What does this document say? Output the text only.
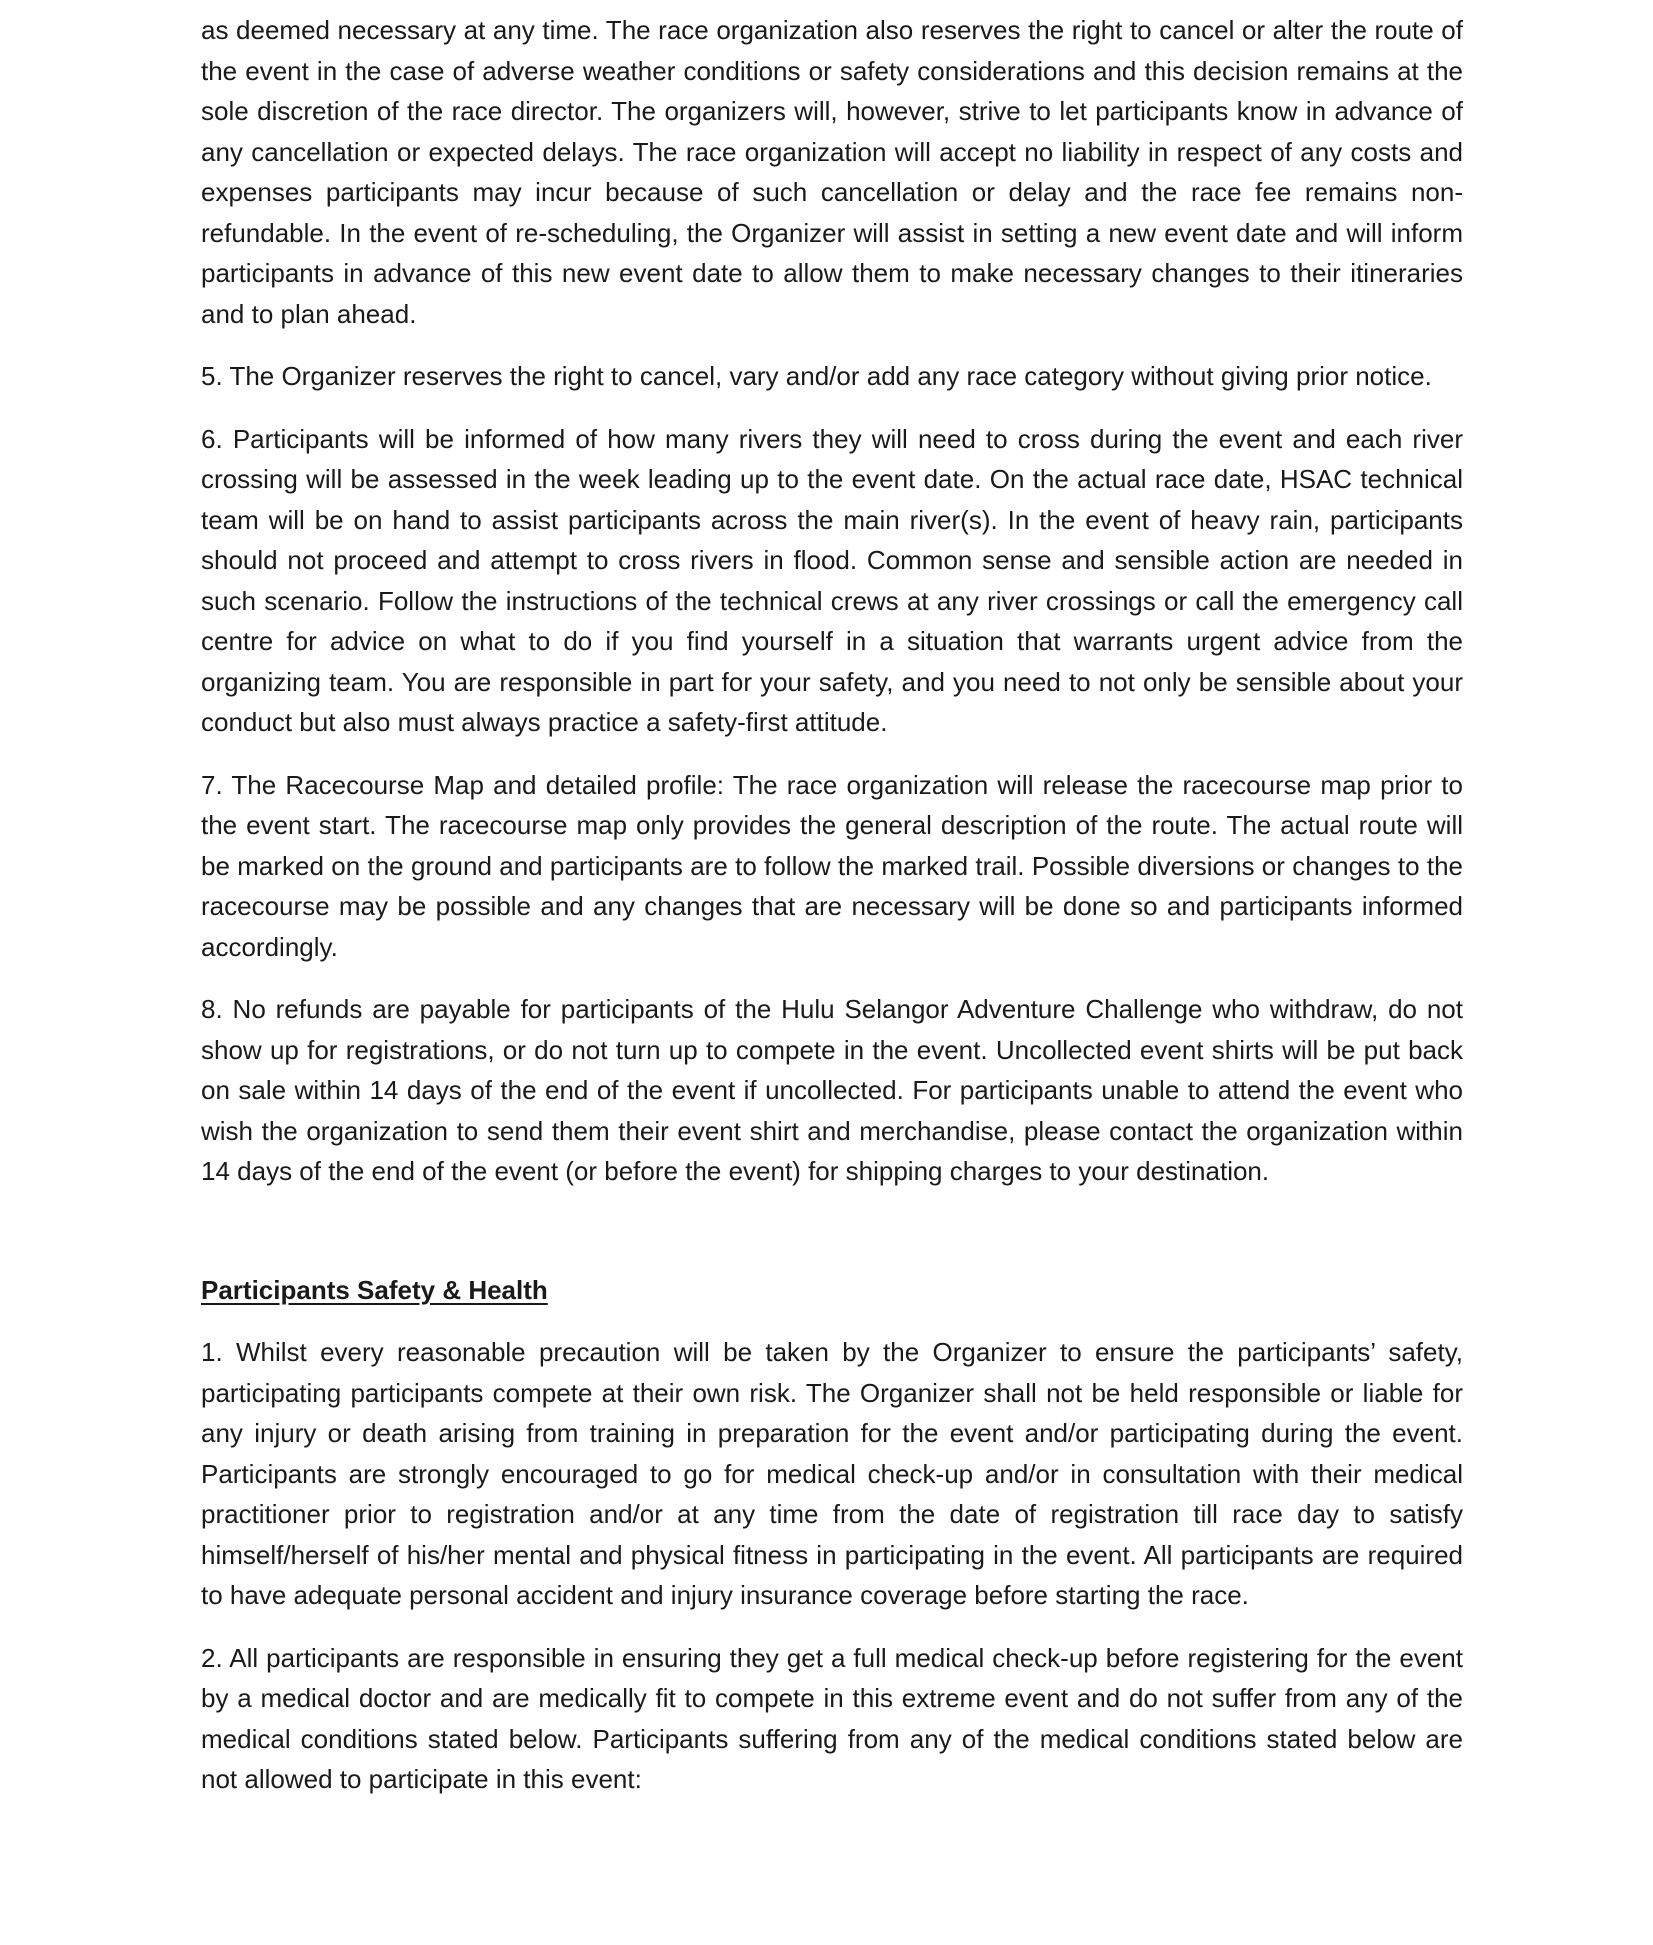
as deemed necessary at any time. The race organization also reserves the right to cancel or alter the route of the event in the case of adverse weather conditions or safety considerations and this decision remains at the sole discretion of the race director. The organizers will, however, strive to let participants know in advance of any cancellation or expected delays. The race organization will accept no liability in respect of any costs and expenses participants may incur because of such cancellation or delay and the race fee remains non-refundable. In the event of re-scheduling, the Organizer will assist in setting a new event date and will inform participants in advance of this new event date to allow them to make necessary changes to their itineraries and to plan ahead.

5. The Organizer reserves the right to cancel, vary and/or add any race category without giving prior notice.

6. Participants will be informed of how many rivers they will need to cross during the event and each river crossing will be assessed in the week leading up to the event date. On the actual race date, HSAC technical team will be on hand to assist participants across the main river(s). In the event of heavy rain, participants should not proceed and attempt to cross rivers in flood. Common sense and sensible action are needed in such scenario. Follow the instructions of the technical crews at any river crossings or call the emergency call centre for advice on what to do if you find yourself in a situation that warrants urgent advice from the organizing team. You are responsible in part for your safety, and you need to not only be sensible about your conduct but also must always practice a safety-first attitude.

7. The Racecourse Map and detailed profile: The race organization will release the racecourse map prior to the event start. The racecourse map only provides the general description of the route. The actual route will be marked on the ground and participants are to follow the marked trail. Possible diversions or changes to the racecourse may be possible and any changes that are necessary will be done so and participants informed accordingly.

8. No refunds are payable for participants of the Hulu Selangor Adventure Challenge who withdraw, do not show up for registrations, or do not turn up to compete in the event. Uncollected event shirts will be put back on sale within 14 days of the end of the event if uncollected. For participants unable to attend the event who wish the organization to send them their event shirt and merchandise, please contact the organization within 14 days of the end of the event (or before the event) for shipping charges to your destination.

Participants Safety & Health

1. Whilst every reasonable precaution will be taken by the Organizer to ensure the participants’ safety, participating participants compete at their own risk. The Organizer shall not be held responsible or liable for any injury or death arising from training in preparation for the event and/or participating during the event. Participants are strongly encouraged to go for medical check-up and/or in consultation with their medical practitioner prior to registration and/or at any time from the date of registration till race day to satisfy himself/herself of his/her mental and physical fitness in participating in the event. All participants are required to have adequate personal accident and injury insurance coverage before starting the race.

2. All participants are responsible in ensuring they get a full medical check-up before registering for the event by a medical doctor and are medically fit to compete in this extreme event and do not suffer from any of the medical conditions stated below. Participants suffering from any of the medical conditions stated below are not allowed to participate in this event:
